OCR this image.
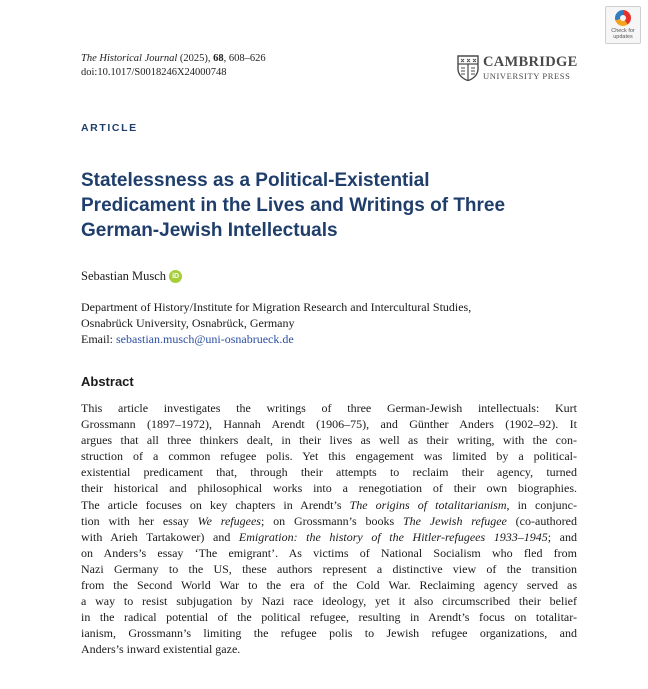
Check for
updates
The Historical Journal (2025), 68, 608–626
doi:10.1017/S0018246X24000748
CAMBRIDGE
UNIVERSITY PRESS
ARTICLE
Statelessness as a Political-Existential
Predicament in the Lives and Writings of Three
German-Jewish Intellectuals
Sebastian Musch iD
Department of History/Institute for Migration Research and Intercultural Studies,
Osnabrück University, Osnabrück, Germany
Email: sebastian.musch@uni-osnabrueck.de
Abstract

This article investigates the writings of three German-Jewish intellectuals: Kurt
Grossmann (1897–1972), Hannah Arendt (1906–75), and Günther Anders (1902–92). It
argues that all three thinkers dealt, in their lives as well as their writing, with the con-
struction of a common refugee polis. Yet this engagement was limited by a political-
existential predicament that, through their attempts to reclaim their agency, turned
their historical and philosophical works into a renegotiation of their own biographies.
The article focuses on key chapters in Arendt’s The origins of totalitarianism, in conjunc-
tion with her essay We refugees; on Grossmann’s books The Jewish refugee (co-authored
with Arieh Tartakower) and Emigration: the history of the Hitler-refugees 1933–1945; and
on Anders’s essay ‘The emigrant’. As victims of National Socialism who fled from
Nazi Germany to the US, these authors represent a distinctive view of the transition
from the Second World War to the era of the Cold War. Reclaiming agency served as
a way to resist subjugation by Nazi race ideology, yet it also circumscribed their belief
in the radical potential of the political refugee, resulting in Arendt’s focus on totalitar-
ianism, Grossmann’s limiting the refugee polis to Jewish refugee organizations, and
Anders’s inward existential gaze.
